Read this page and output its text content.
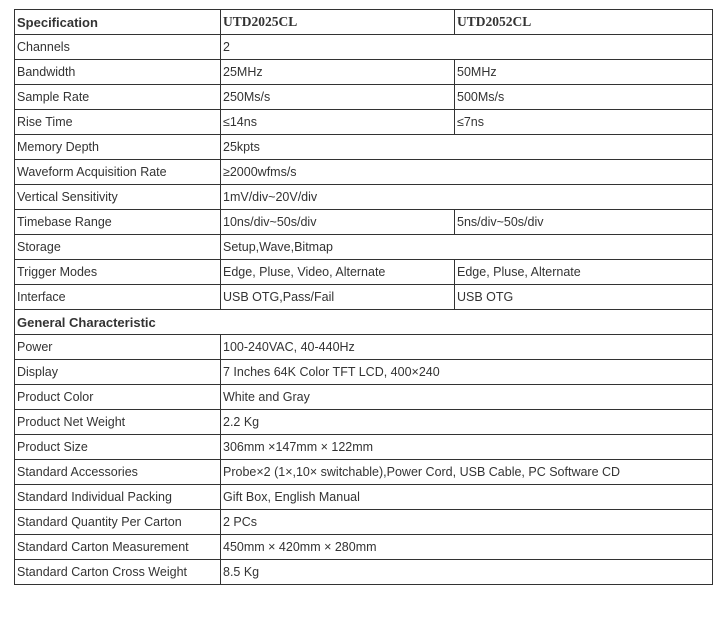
Specification	UTD2025CL	UTD2052CL
Channels	2	
Bandwidth	25MHz	50MHz
Sample Rate	250Ms/s	500Ms/s
Rise Time	≤14ns	≤7ns
Memory Depth	25kpts	
Waveform Acquisition Rate	≥2000wfms/s	
Vertical Sensitivity	1mV/div~20V/div	
Timebase Range	10ns/div~50s/div	5ns/div~50s/div
Storage	Setup,Wave,Bitmap	
Trigger Modes	Edge, Pluse, Video, Alternate	Edge, Pluse, Alternate
Interface	USB OTG,Pass/Fail	USB OTG
General Characteristic		
Power	100-240VAC, 40-440Hz	
Display	7 Inches 64K Color TFT LCD, 400×240	
Product Color	White and Gray	
Product Net Weight	2.2 Kg	
Product Size	306mm ×147mm × 122mm	
Standard Accessories	Probe×2 (1×,10× switchable),Power Cord, USB Cable, PC Software CD	
Standard Individual Packing	Gift Box, English Manual	
Standard Quantity Per Carton	2 PCs	
Standard Carton Measurement	450mm × 420mm × 280mm	
Standard Carton Cross Weight	8.5 Kg	
